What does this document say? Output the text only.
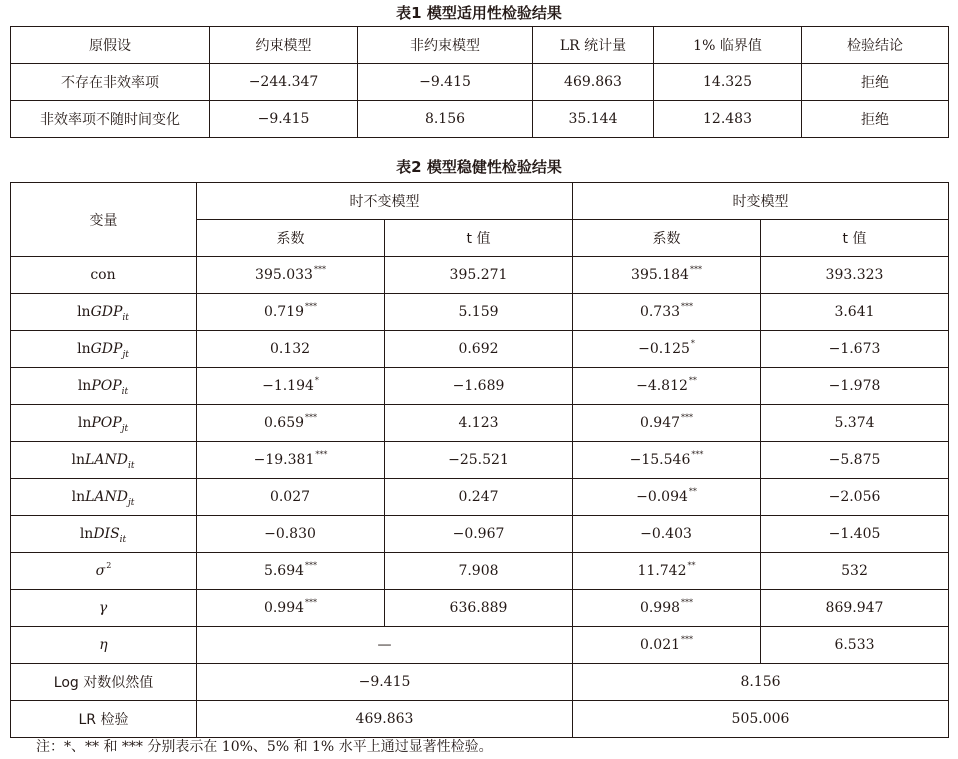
表1 模型适用性检验结果
原假设	约束模型	非约束模型	LR 统计量	1% 临界值	检验结论
不存在非效率项	−244.347	−9.415	469.863	14.325	拒绝
非效率项不随时间变化	−9.415	8.156	35.144	12.483	拒绝
表2 模型稳健性检验结果
变量	时不变模型		时变模型	
	系数	t 值	系数	t 值
con	395.033***	395.271	395.184***	393.323
lnGDP$_{it}$	0.719***	5.159	0.733***	3.641
lnGDP$_{jt}$	0.132	0.692	−0.125*	−1.673
lnPOP$_{it}$	−1.194*	−1.689	−4.812**	−1.978
lnPOP$_{jt}$	0.659***	4.123	0.947***	5.374
lnLAND$_{it}$	−19.381***	−25.521	−15.546***	−5.875
lnLAND$_{jt}$	0.027	0.247	−0.094**	−2.056
lnDIS$_{it}$	−0.830	−0.967	−0.403	−1.405
$\sigma^2$	5.694***	7.908	11.742**	532
γ	0.994***	636.889	0.998***	869.947
η	—		0.021***	6.533
Log 对数似然值	−9.415		8.156	
LR 检验	469.863		505.006	
注：*、** 和 *** 分别表示在 10%、5% 和 1% 水平上通过显著性检验。
